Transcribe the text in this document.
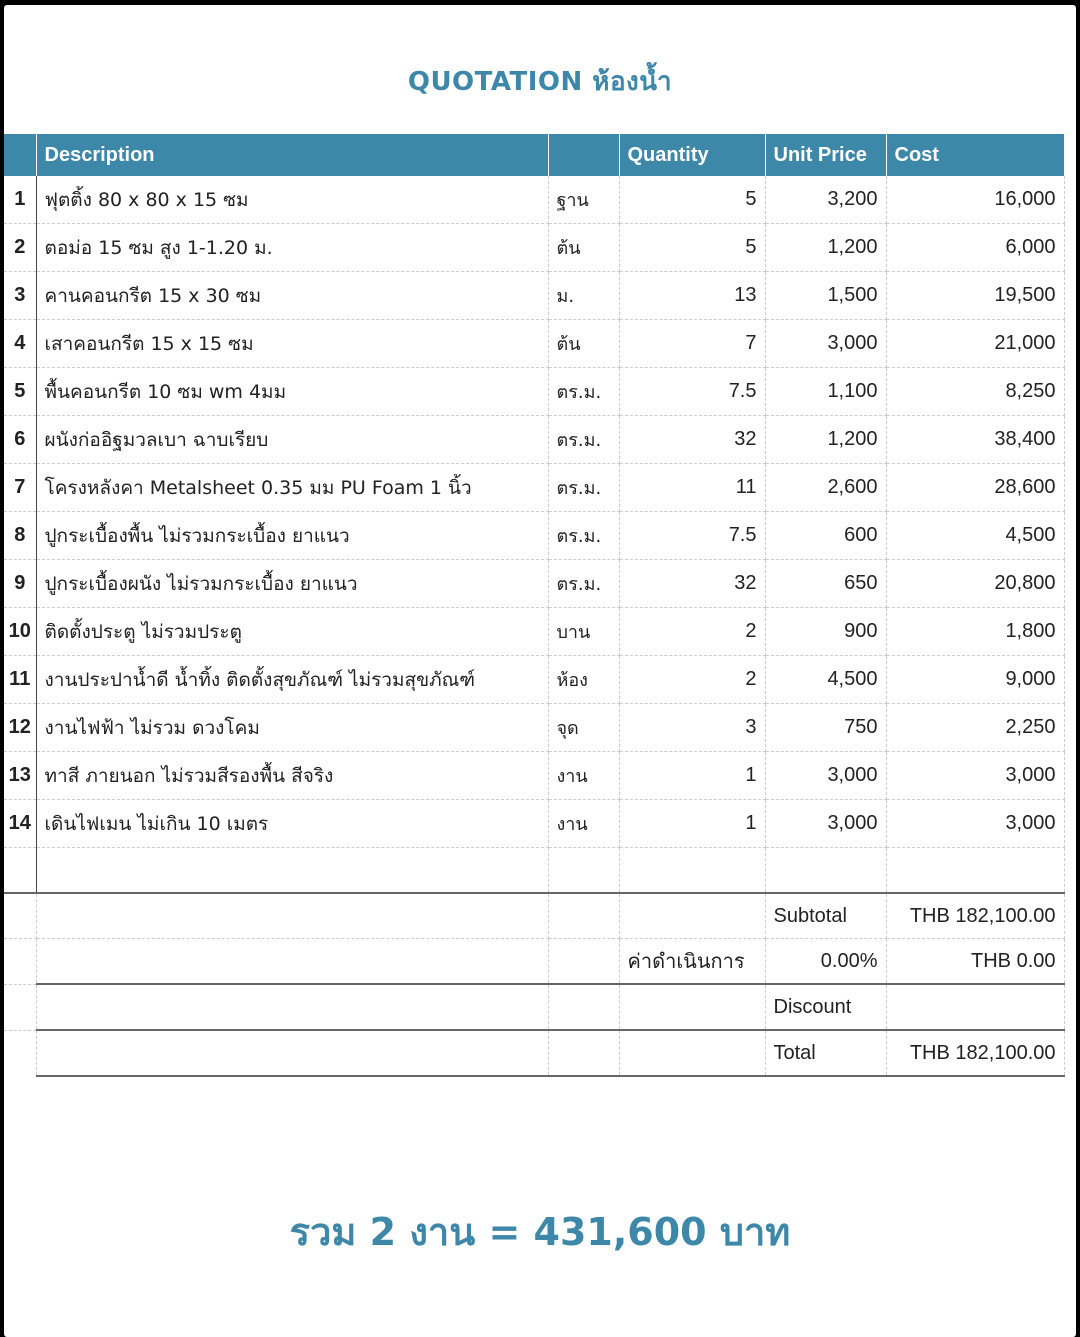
QUOTATION ห้องน้ำ
	Description		Quantity	Unit Price	Cost
1	ฟุตติ้ง 80 x 80 x 15 ซม	ฐาน	5	3,200	16,000
2	ตอม่อ 15 ซม สูง 1-1.20 ม.	ต้น	5	1,200	6,000
3	คานคอนกรีต 15 x 30 ซม	ม.	13	1,500	19,500
4	เสาคอนกรีต 15 x 15 ซม	ต้น	7	3,000	21,000
5	พื้นคอนกรีต 10 ซม wm 4มม	ตร.ม.	7.5	1,100	8,250
6	ผนังก่ออิฐมวลเบา ฉาบเรียบ	ตร.ม.	32	1,200	38,400
7	โครงหลังคา Metalsheet 0.35 มม PU Foam 1 นิ้ว	ตร.ม.	11	2,600	28,600
8	ปูกระเบื้องพื้น ไม่รวมกระเบื้อง ยาแนว	ตร.ม.	7.5	600	4,500
9	ปูกระเบื้องผนัง ไม่รวมกระเบื้อง ยาแนว	ตร.ม.	32	650	20,800
10	ติดตั้งประตู ไม่รวมประตู	บาน	2	900	1,800
11	งานประปาน้ำดี น้ำทิ้ง ติดตั้งสุขภัณฑ์ ไม่รวมสุขภัณฑ์	ห้อง	2	4,500	9,000
12	งานไฟฟ้า ไม่รวม ดวงโคม	จุด	3	750	2,250
13	ทาสี ภายนอก ไม่รวมสีรองพื้น สีจริง	งาน	1	3,000	3,000
14	เดินไฟเมน ไม่เกิน 10 เมตร	งาน	1	3,000	3,000

				Subtotal	THB 182,100.00
			ค่าดำเนินการ	0.00%	THB 0.00
				Discount	
				Total	THB 182,100.00
รวม 2 งาน = 431,600 บาท
